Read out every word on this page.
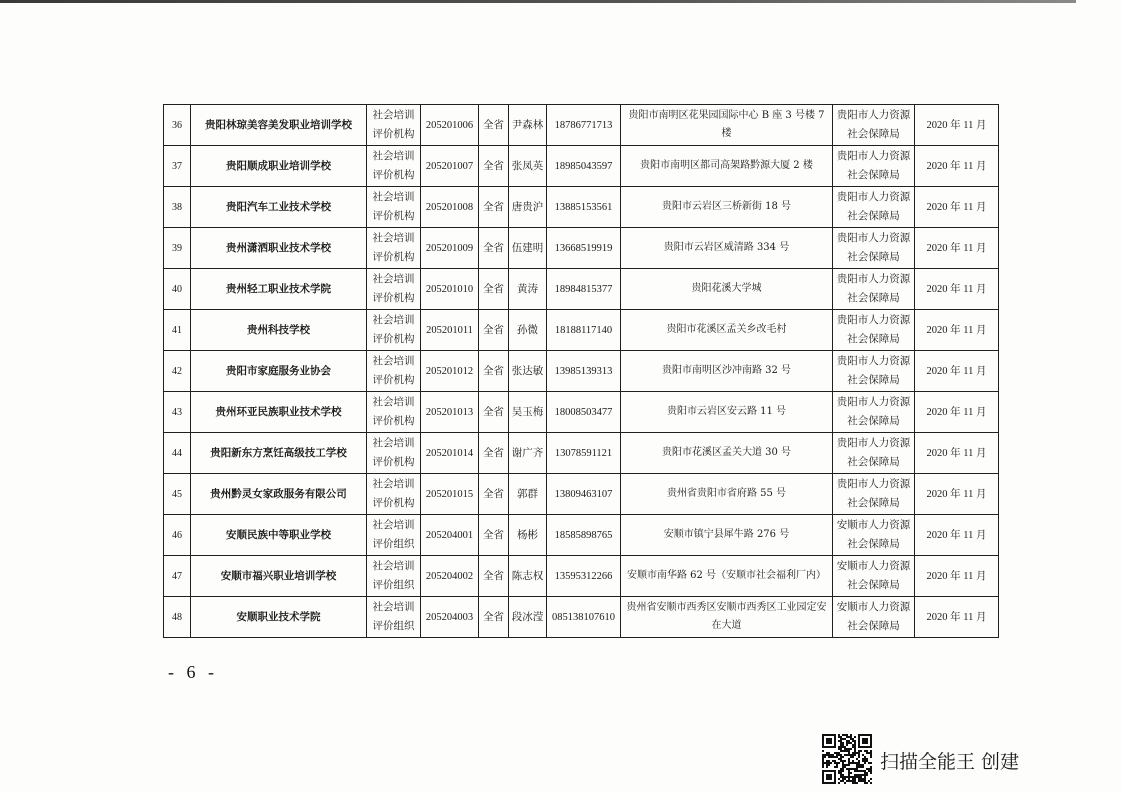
36	贵阳林琼美容美发职业培训学校	社会培训评价机构	205201006	全省	尹森林	18786771713	贵阳市南明区花果园国际中心 B 座 3 号楼 7 楼	贵阳市人力资源社会保障局	2020 年 11 月
37	贵阳顺成职业培训学校	社会培训评价机构	205201007	全省	张凤英	18985043597	贵阳市南明区都司高架路黔源大厦 2 楼	贵阳市人力资源社会保障局	2020 年 11 月
38	贵阳汽车工业技术学校	社会培训评价机构	205201008	全省	唐贵沪	13885153561	贵阳市云岩区三桥新街 18 号	贵阳市人力资源社会保障局	2020 年 11 月
39	贵州潇洒职业技术学校	社会培训评价机构	205201009	全省	伍建明	13668519919	贵阳市云岩区威清路 334 号	贵阳市人力资源社会保障局	2020 年 11 月
40	贵州轻工职业技术学院	社会培训评价机构	205201010	全省	黄涛	18984815377	贵阳花溪大学城	贵阳市人力资源社会保障局	2020 年 11 月
41	贵州科技学校	社会培训评价机构	205201011	全省	孙微	18188117140	贵阳市花溪区孟关乡改毛村	贵阳市人力资源社会保障局	2020 年 11 月
42	贵阳市家庭服务业协会	社会培训评价机构	205201012	全省	张达敏	13985139313	贵阳市南明区沙冲南路 32 号	贵阳市人力资源社会保障局	2020 年 11 月
43	贵州环亚民族职业技术学校	社会培训评价机构	205201013	全省	吴玉梅	18008503477	贵阳市云岩区安云路 11 号	贵阳市人力资源社会保障局	2020 年 11 月
44	贵阳新东方烹饪高级技工学校	社会培训评价机构	205201014	全省	谢广齐	13078591121	贵阳市花溪区孟关大道 30 号	贵阳市人力资源社会保障局	2020 年 11 月
45	贵州黔灵女家政服务有限公司	社会培训评价机构	205201015	全省	郭群	13809463107	贵州省贵阳市省府路 55 号	贵阳市人力资源社会保障局	2020 年 11 月
46	安顺民族中等职业学校	社会培训评价组织	205204001	全省	杨彬	18585898765	安顺市镇宁县犀牛路 276 号	安顺市人力资源社会保障局	2020 年 11 月
47	安顺市福兴职业培训学校	社会培训评价组织	205204002	全省	陈志权	13595312266	安顺市南华路 62 号（安顺市社会福利厂内）	安顺市人力资源社会保障局	2020 年 11 月
48	安顺职业技术学院	社会培训评价组织	205204003	全省	段冰滢	085138107610	贵州省安顺市西秀区安顺市西秀区工业园定安在大道	安顺市人力资源社会保障局	2020 年 11 月
- 6 -
扫描全能王 创建
